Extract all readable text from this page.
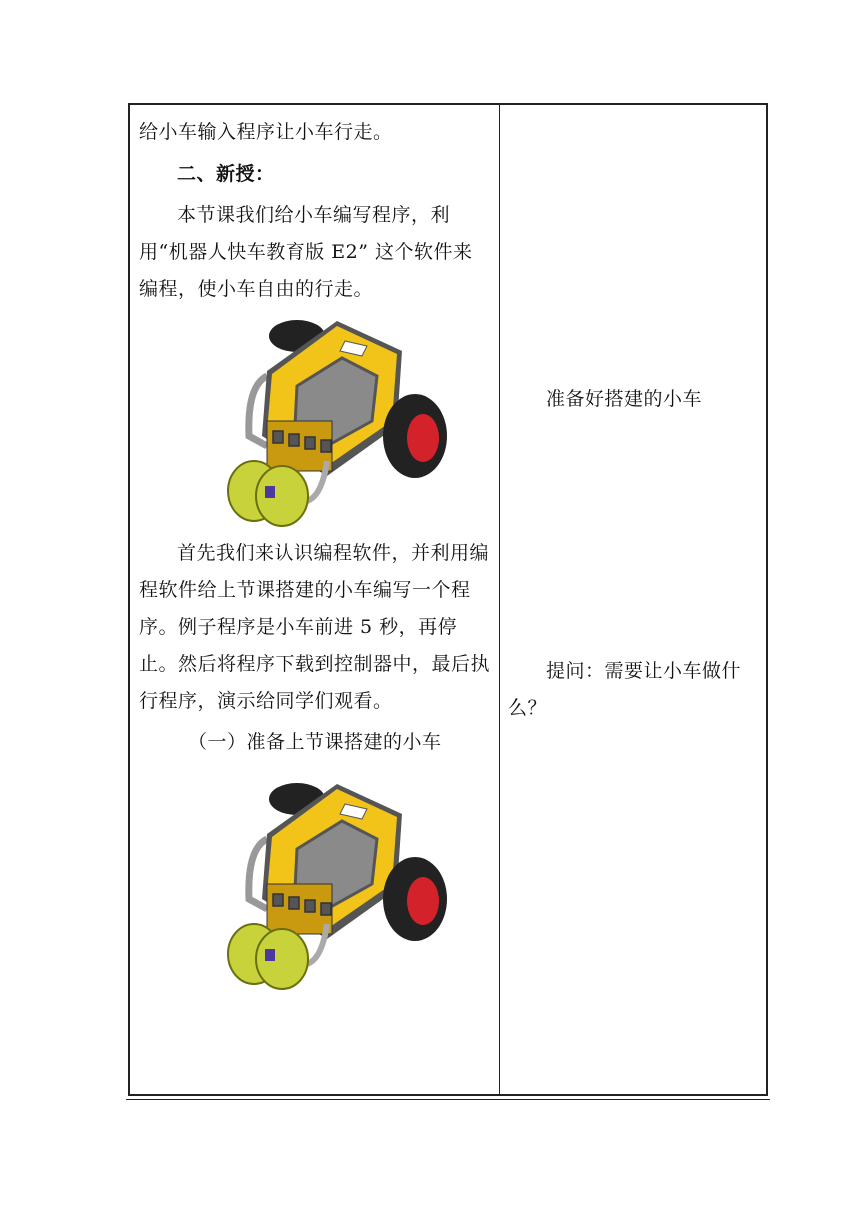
给小车输入程序让小车行走。

二、新授：

本节课我们给小车编写程序，利用“机器人快车教育版 E2” 这个软件来编程，使小车自由的行走。

首先我们来认识编程软件，并利用编程软件给上节课搭建的小车编写一个程序。例子程序是小车前进 5 秒，再停止。然后将程序下载到控制器中，最后执行程序，演示给同学们观看。

（一）准备上节课搭建的小车

准备好搭建的小车

提问：需要让小车做什么？
